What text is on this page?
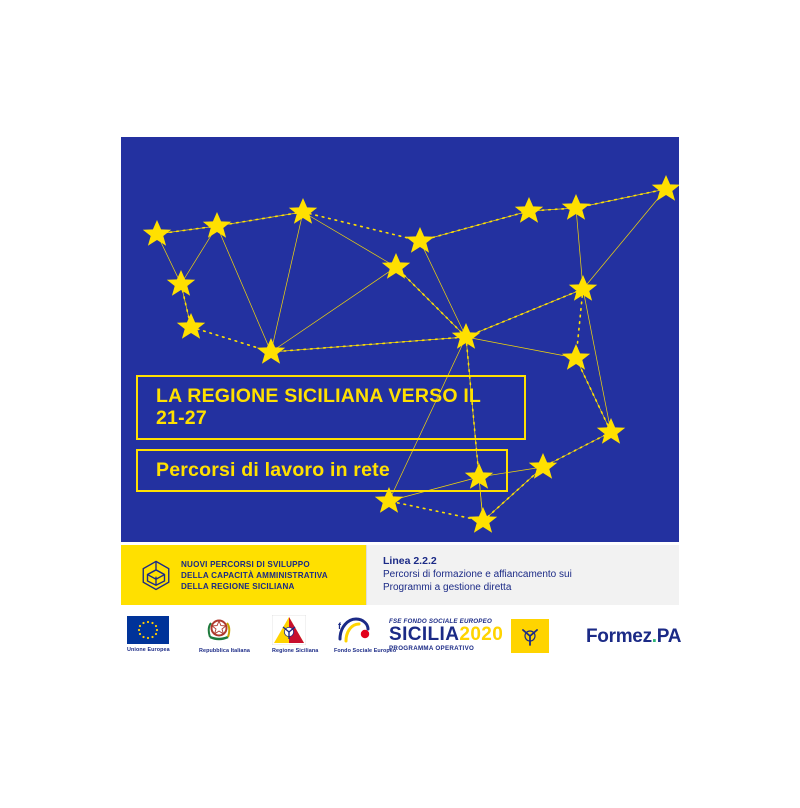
LA REGIONE SICILIANA VERSO IL 21-27
Percorsi di lavoro in rete
NUOVI PERCORSI DI SVILUPPO
DELLA CAPACITÀ AMMINISTRATIVA
DELLA REGIONE SICILIANA
Linea 2.2.2
Percorsi di formazione e affiancamento sui
Programmi a gestione diretta
Unione Europea	Repubblica Italiana	Regione Siciliana
f
Fondo Sociale Europeo
FSE FONDO SOCIALE EUROPEO
SICILIA2020
PROGRAMMA OPERATIVO
Formez.PA
